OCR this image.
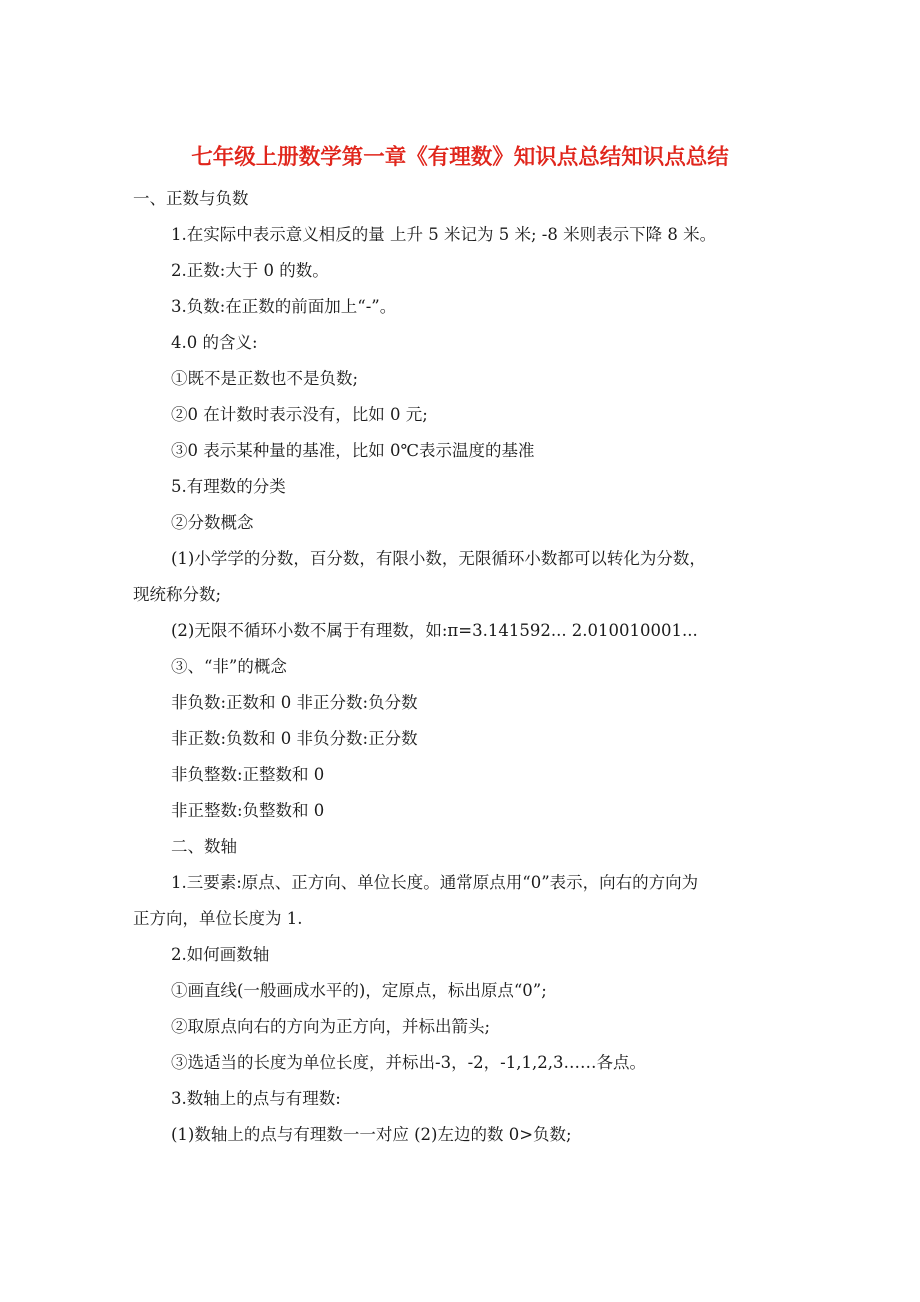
七年级上册数学第一章《有理数》知识点总结知识点总结
一、正数与负数
1.在实际中表示意义相反的量 上升 5 米记为 5 米; -8 米则表示下降 8 米。
2.正数:大于 0 的数。
3.负数:在正数的前面加上“-”。
4.0 的含义:
①既不是正数也不是负数;
②0 在计数时表示没有，比如 0 元;
③0 表示某种量的基准，比如 0℃表示温度的基准
5.有理数的分类
②分数概念
(1)小学学的分数，百分数，有限小数，无限循环小数都可以转化为分数，
现统称分数;
(2)无限不循环小数不属于有理数，如:π=3.141592... 2.010010001...
③、“非”的概念
非负数:正数和 0 非正分数:负分数
非正数:负数和 0 非负分数:正分数
非负整数:正整数和 0
非正整数:负整数和 0
二、数轴
1.三要素:原点、正方向、单位长度。通常原点用“0”表示，向右的方向为
正方向，单位长度为 1.
2.如何画数轴
①画直线(一般画成水平的)，定原点，标出原点“0”;
②取原点向右的方向为正方向，并标出箭头;
③选适当的长度为单位长度，并标出-3，-2，-1,1,2,3……各点。
3.数轴上的点与有理数:
(1)数轴上的点与有理数一一对应 (2)左边的数 0>负数;
